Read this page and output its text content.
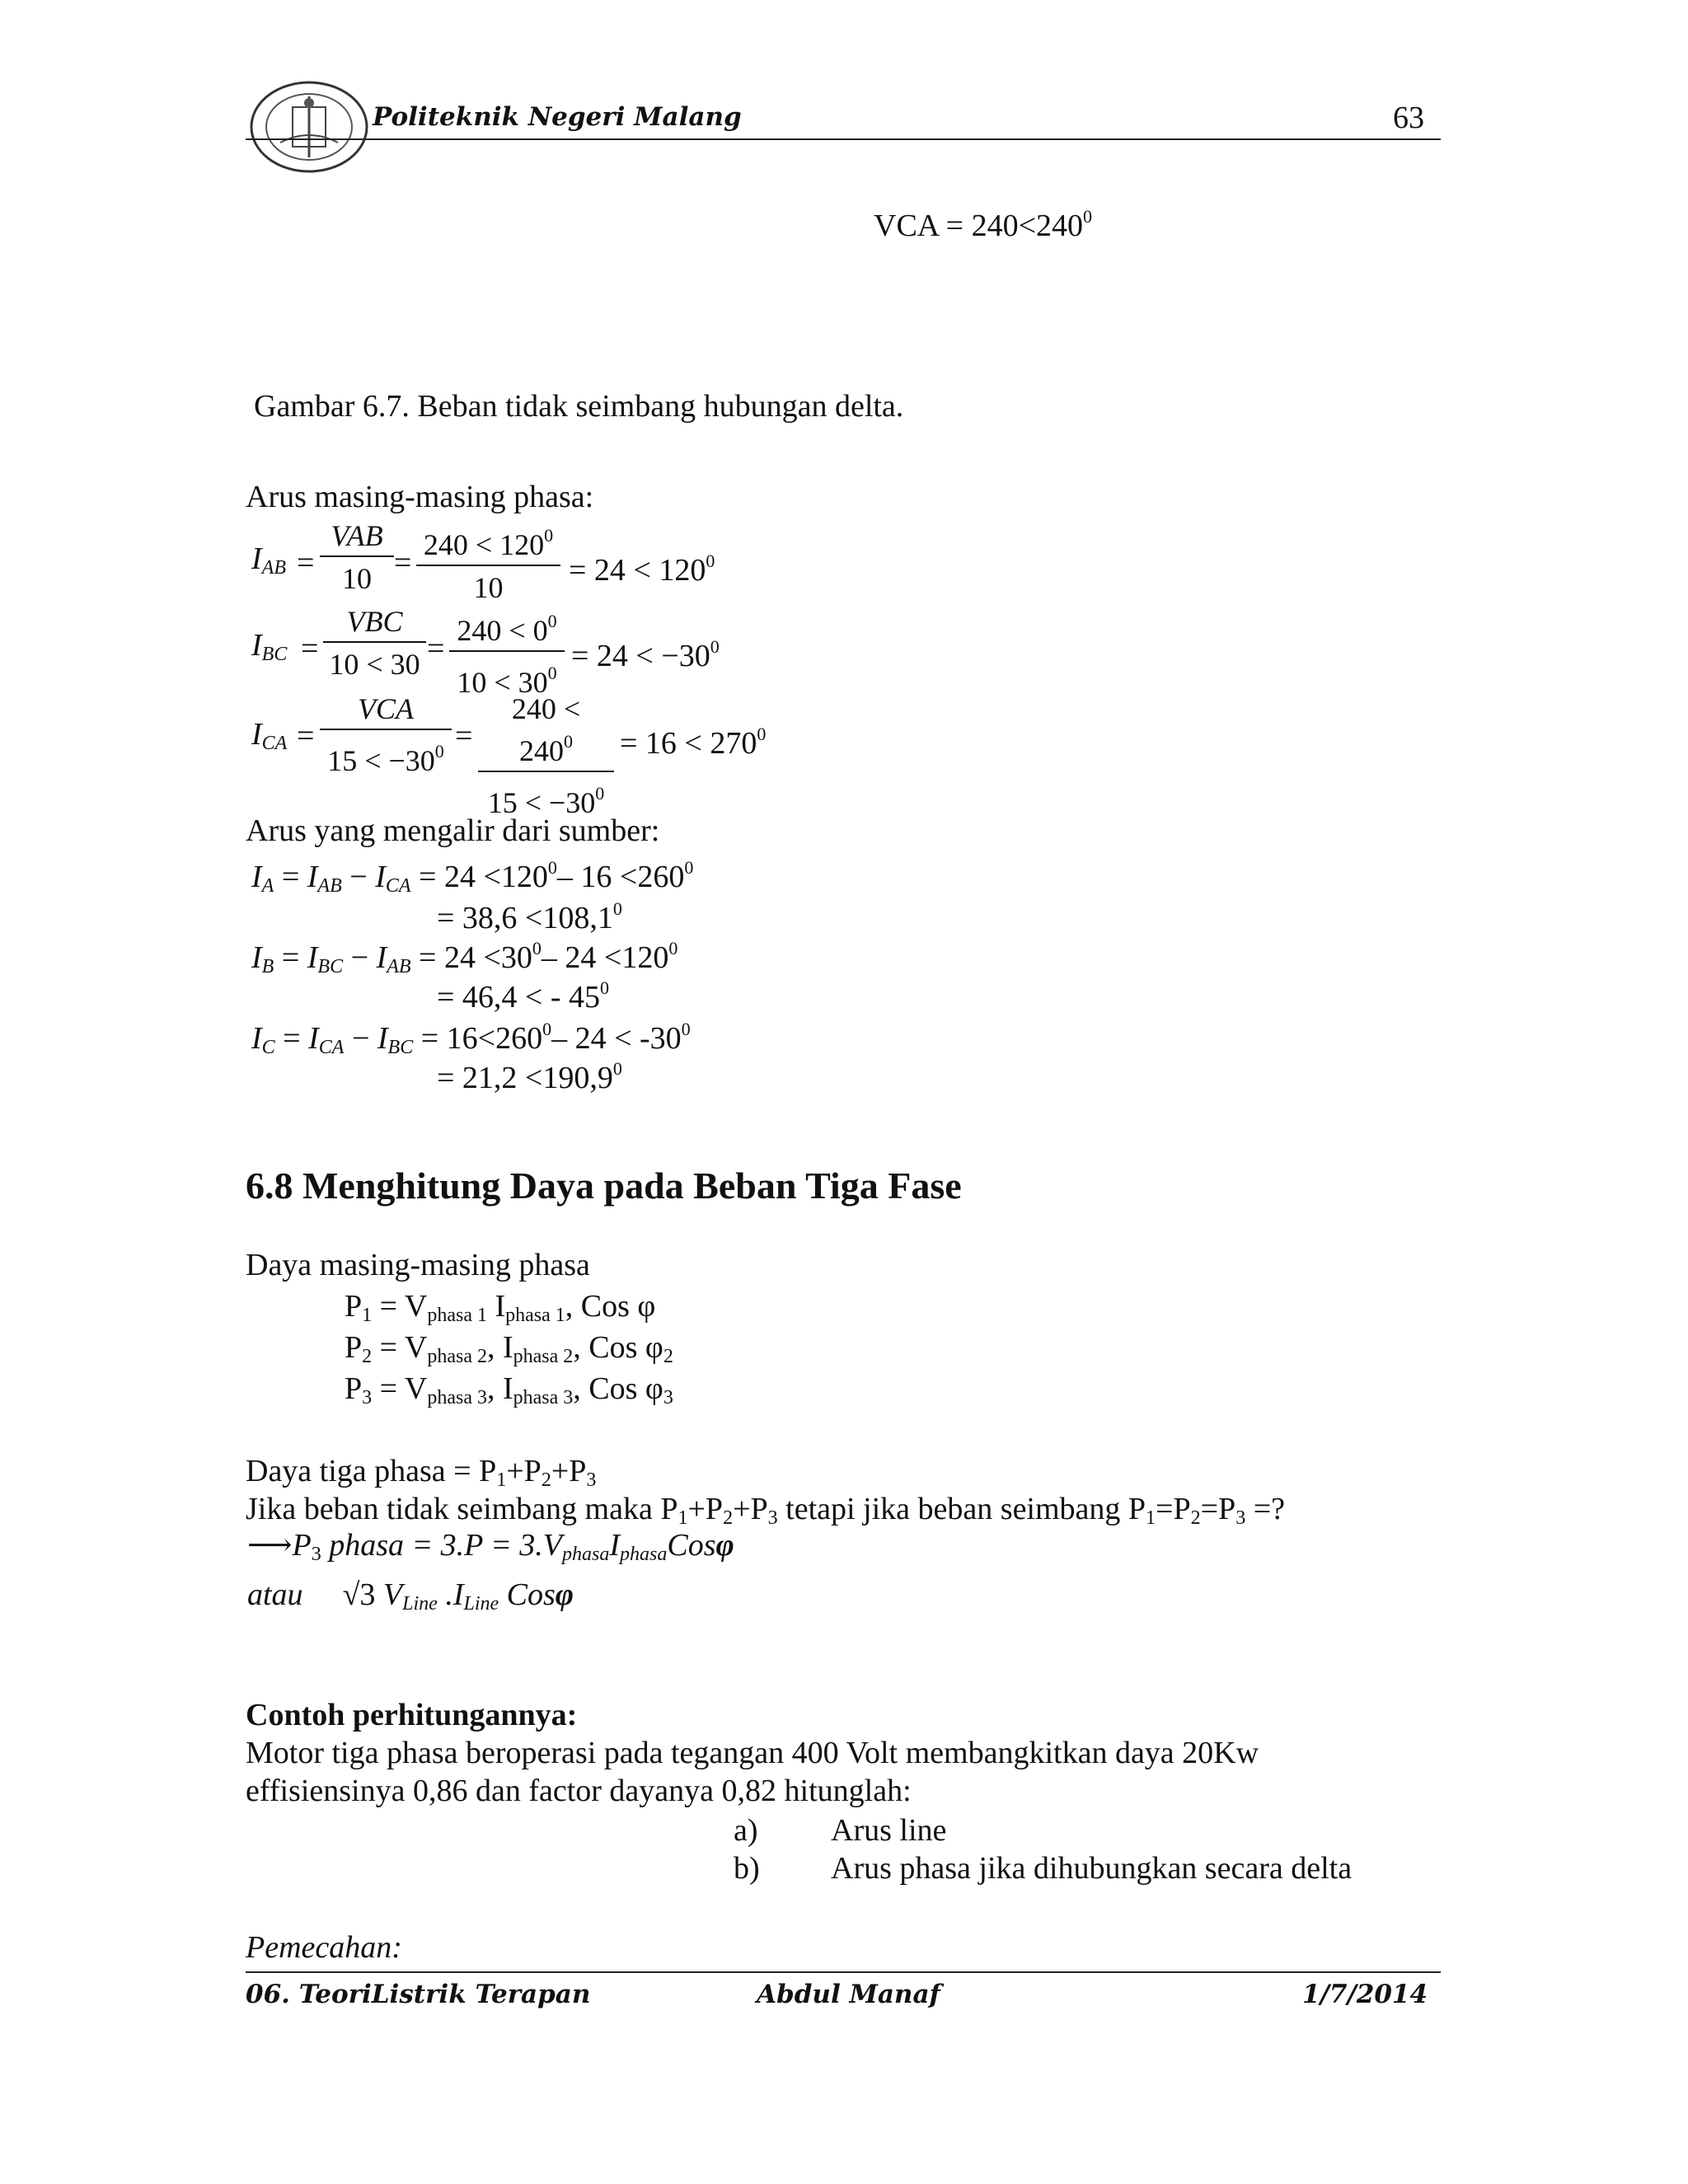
Politeknik Negeri Malang	63
VCA = $240<240^0$
Gambar 6.7. Beban tidak seimbang hubungan delta.
Arus masing-masing phasa:
$I_{AB}$ =
VAB
$10 = \frac{240 < 120^0}{10} = 24 < 120^0$
$I_{BC}$ =
VBC
$10 < 30 = \frac{240 < 0^0}{10 < 30^0} = 24 < -30^0$
$I_{CA}$ =
VCA
$15 < -30^0 = \frac{240 < 240^0}{15 < -30^0} = 16 < 270^0$
Arus yang mengalir dari sumber:
$I_A = I_{AB} - I_{CA} = 24 <120^0-$ $16 <260^0$
= $38,6 <108,1^0$
$I_B = I_{BC} - I_{AB} = 24 <30^0-$ $24 <120^0$
= 46,4 < - $45^0$
$I_C = I_{CA} - I_{BC} = 16<260^0-$ $24 < -30^0$
= $21,2 <190,9^0$
6.8 Menghitung Daya pada Beban Tiga Fase
Daya masing-masing phasa
$P_1 = V_{phasa 1}$ $I_{phasa 1}$, Cos φ
$P_2 = V_{phasa 2}$, $I_{phasa 2}$, Cos $\varphi_2$
$P_3 = V_{phasa 3}$, $I_{phasa 3}$, Cos $\varphi_3$
Daya tiga phasa = $P_1+P_2+P_3$
Jika beban tidak seimbang maka $P_1+P_2+P_3$ tetapi jika beban seimbang $P_1=P_2=P_3$ =?
$⟶P_3$ phasa = $3.P = 3.V_{phasa}I_{phasa}Cos\varphi$
atau √3 $V_{Line}$ $.I_{Line}$ Cosφ
Contoh perhitungannya:
Motor tiga phasa beroperasi pada tegangan 400 Volt membangkitkan daya 20Kw
effisiensinya 0,86 dan factor dayanya 0,82 hitunglah:
a) Arus line
b) Arus phasa jika dihubungkan secara delta
Pemecahan:
06. TeoriListrik Terapan	Abdul Manaf	1/7/2014
